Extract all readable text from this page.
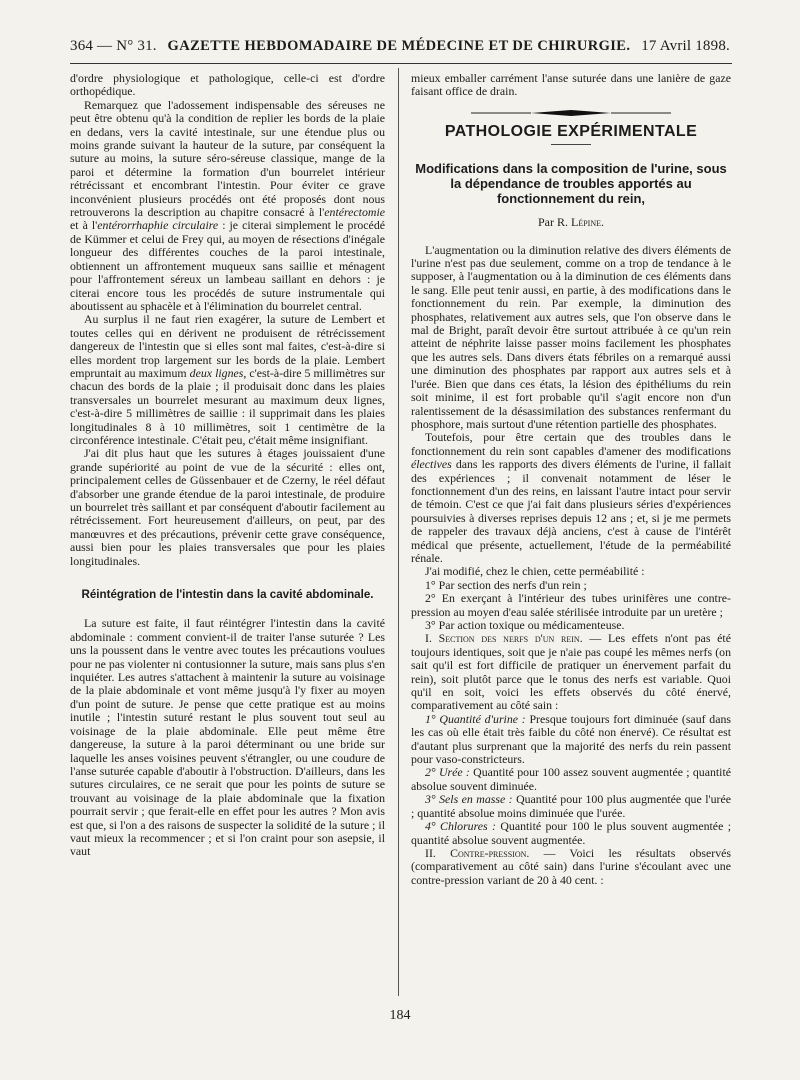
364 — N° 31. GAZETTE HEBDOMADAIRE DE MÉDECINE ET DE CHIRURGIE. 17 Avril 1898.

d'ordre physiologique et pathologique, celle-ci est d'ordre orthopédique.

Remarquez que l'adossement indispensable des séreuses ne peut être obtenu qu'à la condition de replier les bords de la plaie en dedans, vers la cavité intestinale, sur une étendue plus ou moins grande suivant la hauteur de la suture, par conséquent la suture au moins, la suture séro-séreuse classique, mange de la paroi et détermine la formation d'un bourrelet intérieur rétrécissant et encombrant l'intestin. Pour éviter ce grave inconvénient plusieurs procédés ont été proposés dont nous retrouverons la description au chapitre consacré à l'entérectomie et à l'entérorrhaphie circulaire : je citerai simplement le procédé de Kümmer et celui de Frey qui, au moyen de résections d'inégale longueur des différentes couches de la paroi intestinale, obtiennent un affrontement muqueux sans saillie et ménagent pour l'affrontement séreux un lambeau saillant en dehors : je citerai encore tous les procédés de suture instrumentale qui aboutissent au sphacèle et à l'élimination du bourrelet central.

Au surplus il ne faut rien exagérer, la suture de Lembert et toutes celles qui en dérivent ne produisent de rétrécissement dangereux de l'intestin que si elles sont mal faites, c'est-à-dire si elles mordent trop largement sur les bords de la plaie. Lembert empruntait au maximum deux lignes, c'est-à-dire 5 millimètres sur chacun des bords de la plaie ; il produisait donc dans les plaies transversales un bourrelet mesurant au maximum deux lignes, c'est-à-dire 5 millimètres de saillie : il supprimait dans les plaies longitudinales 8 à 10 millimètres, soit 1 centimètre de la circonférence intestinale. C'était peu, c'était même insignifiant.

J'ai dit plus haut que les sutures à étages jouissaient d'une grande supériorité au point de vue de la sécurité : elles ont, principalement celles de Güssenbauer et de Czerny, le réel défaut d'absorber une grande étendue de la paroi intestinale, de produire un bourrelet très saillant et par conséquent d'aboutir facilement au rétrécissement. Fort heureusement d'ailleurs, on peut, par des manœuvres et des précautions, prévenir cette grave conséquence, aussi bien pour les plaies transversales que pour les plaies longitudinales.

Réintégration de l'intestin dans la cavité abdominale.

La suture est faite, il faut réintégrer l'intestin dans la cavité abdominale : comment convient-il de traiter l'anse suturée ? Les uns la poussent dans le ventre avec toutes les précautions voulues pour ne pas violenter ni contusionner la suture, mais sans plus s'en inquiéter. Les autres s'attachent à maintenir la suture au voisinage de la plaie abdominale et vont même jusqu'à l'y fixer au moyen d'un point de suture. Je pense que cette pratique est au moins inutile ; l'intestin suturé restant le plus souvent tout seul au voisinage de la plaie abdominale. Elle peut même être dangereuse, la suture à la paroi déterminant ou une bride sur laquelle les anses voisines peuvent s'étrangler, ou une coudure de l'anse suturée capable d'aboutir à l'obstruction. D'ailleurs, dans les sutures circulaires, ce ne serait que pour les points de suture se trouvant au voisinage de la plaie abdominale que la fixation pourrait servir ; que ferait-elle en effet pour les autres ? Mon avis est que, si l'on a des raisons de suspecter la solidité de la suture ; il vaut mieux la recommencer ; et si l'on craint pour son asepsie, il vaut

mieux emballer carrément l'anse suturée dans une lanière de gaze faisant office de drain.

PATHOLOGIE EXPÉRIMENTALE
Modifications dans la composition de l'urine, sous la dépendance de troubles apportés au fonctionnement du rein,
Par R. Lépine.

L'augmentation ou la diminution relative des divers éléments de l'urine n'est pas due seulement, comme on a trop de tendance à le supposer, à l'augmentation ou à la diminution de ces éléments dans le sang. Elle peut tenir aussi, en partie, à des modifications dans le fonctionnement du rein. Par exemple, la diminution des phosphates, relativement aux autres sels, que l'on observe dans le mal de Bright, paraît devoir être surtout attribuée à ce qu'un rein atteint de néphrite laisse passer moins facilement les phosphates que les autres sels. Dans divers états fébriles on a remarqué aussi une diminution des phosphates par rapport aux autres sels et à l'urée. Bien que dans ces états, la lésion des épithéliums du rein soit minime, il est fort probable qu'il s'agit encore non d'un ralentissement de la désassimilation des substances renfermant du phosphore, mais surtout d'une rétention partielle des phosphates.

Toutefois, pour être certain que des troubles dans le fonctionnement du rein sont capables d'amener des modifications électives dans les rapports des divers éléments de l'urine, il fallait des expériences ; il convenait notamment de léser le fonctionnement d'un des reins, en laissant l'autre intact pour servir de témoin. C'est ce que j'ai fait dans plusieurs séries d'expériences poursuivies à diverses reprises depuis 12 ans ; et, si je me permets de rappeler des travaux déjà anciens, c'est à cause de l'intérêt médical que présente, actuellement, l'étude de la perméabilité rénale.

J'ai modifié, chez le chien, cette perméabilité :

1° Par section des nerfs d'un rein ;

2° En exerçant à l'intérieur des tubes urinifères une contre-pression au moyen d'eau salée stérilisée introduite par un uretère ;

3° Par action toxique ou médicamenteuse.

I. Section des nerfs d'un rein. — Les effets n'ont pas été toujours identiques, soit que je n'aie pas coupé les mêmes nerfs (on sait qu'il est fort difficile de pratiquer un énervement parfait du rein), soit plutôt parce que le tonus des nerfs est variable. Quoi qu'il en soit, voici les effets observés du côté énervé, comparativement au côté sain :

1° Quantité d'urine : Presque toujours fort diminuée (sauf dans les cas où elle était très faible du côté non énervé). Ce résultat est d'autant plus surprenant que la majorité des nerfs du rein passent pour vaso-constricteurs.

2° Urée : Quantité pour 100 assez souvent augmentée ; quantité absolue souvent diminuée.

3° Sels en masse : Quantité pour 100 plus augmentée que l'urée ; quantité absolue moins diminuée que l'urée.

4° Chlorures : Quantité pour 100 le plus souvent augmentée ; quantité absolue souvent augmentée.

II. Contre-pression. — Voici les résultats observés (comparativement au côté sain) dans l'urine s'écoulant avec une contre-pression variant de 20 à 40 cent. :

184
